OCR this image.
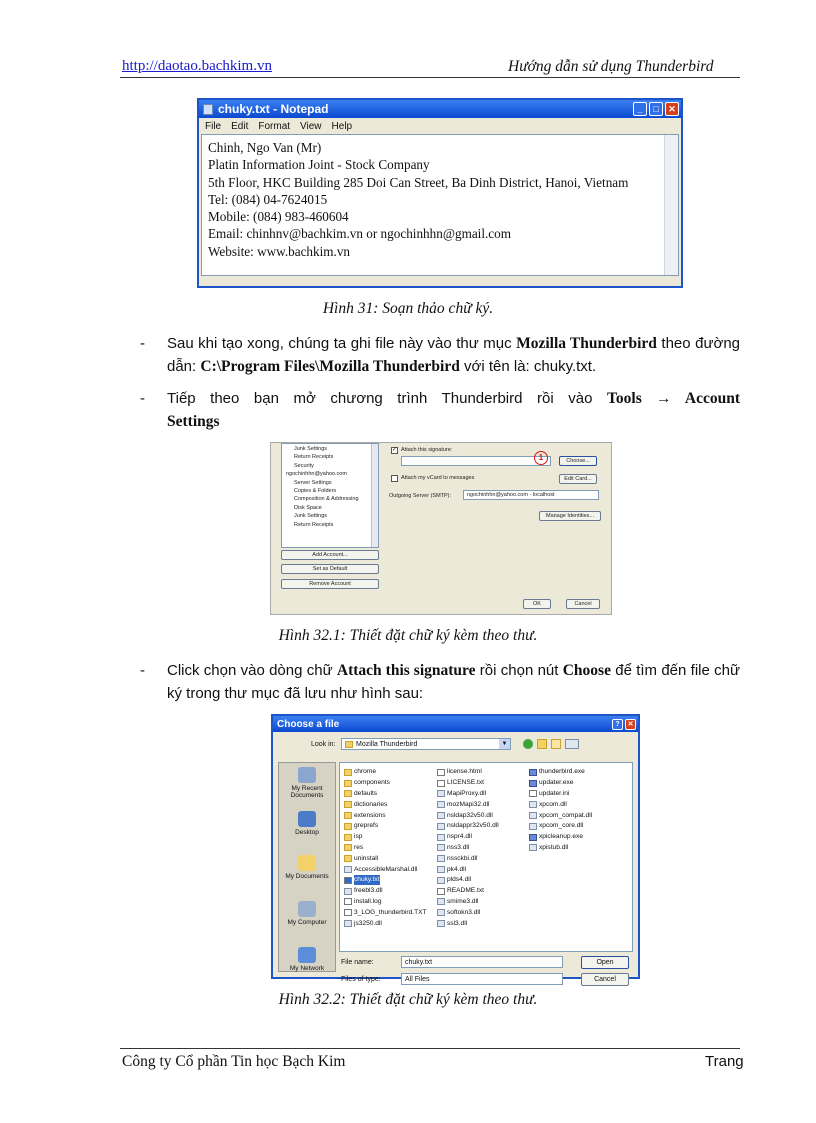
http://daotao.bachkim.vn	Hướng dẫn sử dụng Thunderbird
chuky.txt - Notepad	_	□	✕
File Edit Format View Help
Chinh, Ngo Van (Mr)
Platin Information Joint - Stock Company
5th Floor, HKC Building 285 Doi Can Street, Ba Dinh District, Hanoi, Vietnam
Tel: (084) 04-7624015
Mobile: (084) 983-460604
Email: chinhnv@bachkim.vn or ngochinhhn@gmail.com
Website: www.bachkim.vn
Hình 31: Soạn thảo chữ ký.
- Sau khi tạo xong, chúng ta ghi file này vào thư mục Mozilla Thunderbird theo đường dẫn: C:\Program Files\Mozilla Thunderbird với tên là: chuky.txt.
- Tiếp theo bạn mở chương trình Thunderbird rồi vào Tools → Account Settings
Junk Settings
Return Receipts
Security
ngochinhhn@yahoo.com
Server Settings
Copies & Folders
Composition & Addressing
Disk Space
Junk Settings
Return Receipts
Add Account...
Set as Default
Remove Account
✓ Attach this signature:
1	Choose...
Attach my vCard to messages	Edit Card...
Outgoing Server (SMTP):	ngochinhhn@yahoo.com - localhost
Manage Identities...
OK	Cancel
Hình 32.1: Thiết đặt chữ ký kèm theo thư.
- Click chọn vào dòng chữ Attach this signature rồi chọn nút Choose để tìm đến file chữ ký trong thư mục đã lưu như hình sau:
Choose a file	?	✕
Look in:	Mozilla Thunderbird	▼
My Recent Documents
Desktop
My Documents
My Computer
My Network
chrome
components
defaults
dictionaries
extensions
greprefs
isp
res
uninstall
AccessibleMarshal.dll
chuky.txt
freebl3.dll
install.log
3_LOG_thunderbird.TXT
js3250.dll
license.html
LICENSE.txt
MapiProxy.dll
mozMapi32.dll
nsldap32v50.dll
nsldappr32v50.dll
nspr4.dll
nss3.dll
nssckbi.dll
pk4.dll
plds4.dll
README.txt
smime3.dll
softokn3.dll
ssl3.dll
thunderbird.exe
updater.exe
updater.ini
xpcom.dll
xpcom_compat.dll
xpcom_core.dll
xpicleanup.exe
xpistub.dll
File name:	chuky.txt
Files of type:	All Files
Open
Cancel
Hình 32.2: Thiết đặt chữ ký kèm theo thư.
Công ty Cổ phần Tin học Bạch Kim	Trang
